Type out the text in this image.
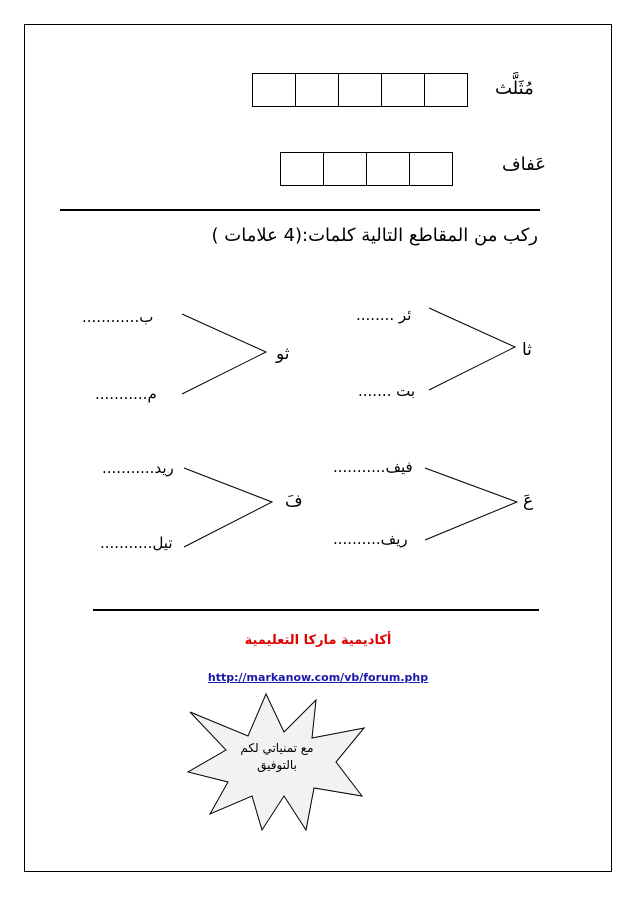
مُثَلَّث
عَفاف
ركب من المقاطع التالية كلمات:(4 علامات )
ثا
ئر ........
بت .......
ثو
ب............
م...........
عَ
فيف...........
ريف..........
فَ
ريد...........
تيل...........
أكاديمية ماركا التعليمية
http://markanow.com/vb/forum.php
مع تمنياتي لكم
بالتوفيق
